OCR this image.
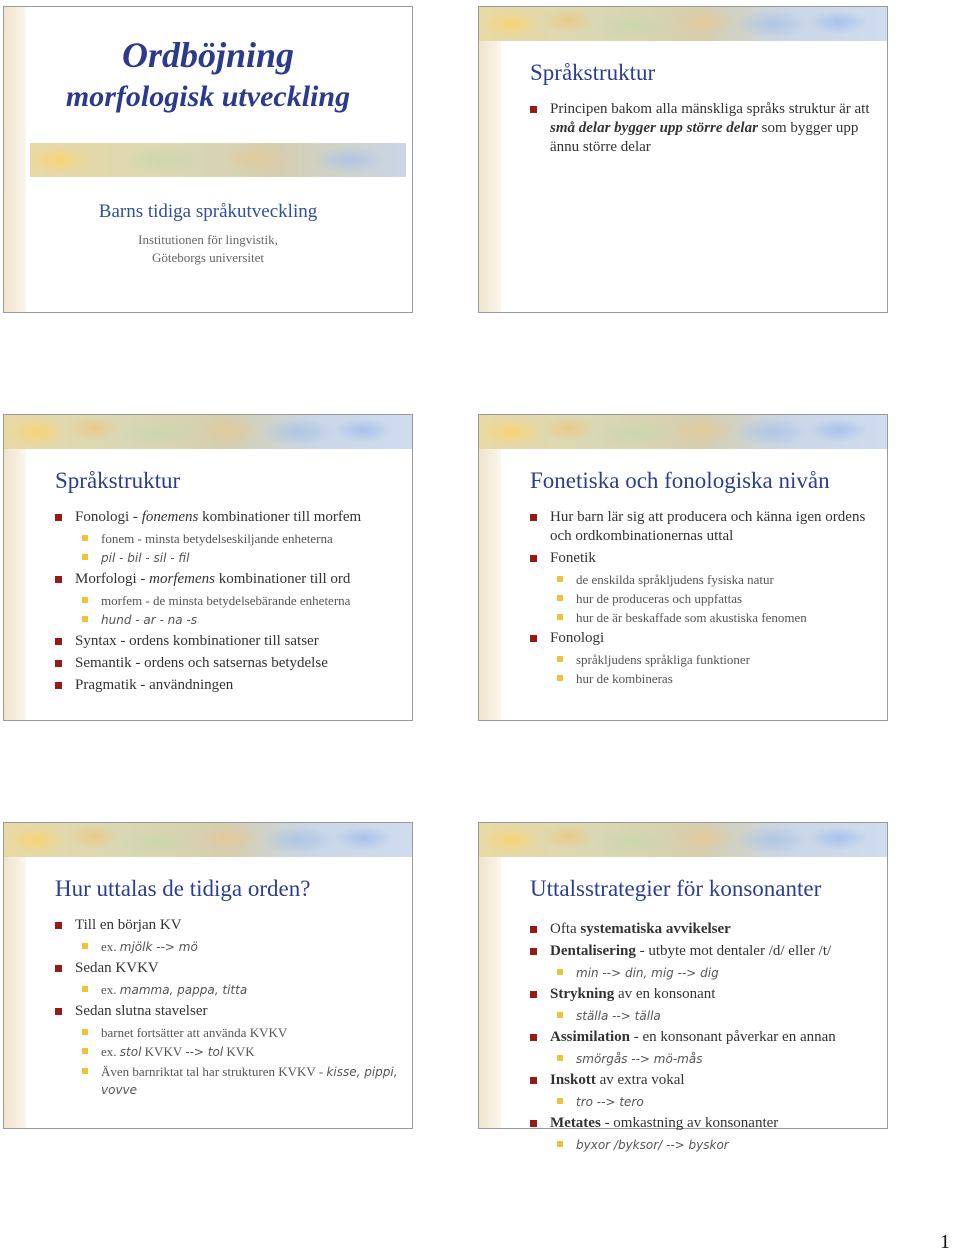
Ordböjning
morfologisk utveckling
Barns tidiga språkutveckling
Institutionen för lingvistik,
Göteborgs universitet
Språkstruktur
Principen bakom alla mänskliga språks struktur är att små delar bygger upp större delar som bygger upp ännu större delar
Språkstruktur
Fonologi - fonemens kombinationer till morfem
fonem - minsta betydelseskiljande enheterna
pil - bil - sil - fil
Morfologi - morfemens kombinationer till ord
morfem - de minsta betydelsebärande enheterna
hund - ar - na -s
Syntax - ordens kombinationer till satser
Semantik - ordens och satsernas betydelse
Pragmatik - användningen
Fonetiska och fonologiska nivån
Hur barn lär sig att producera och känna igen ordens och ordkombinationernas uttal
Fonetik
de enskilda språkljudens fysiska natur
hur de produceras och uppfattas
hur de är beskaffade som akustiska fenomen
Fonologi
språkljudens språkliga funktioner
hur de kombineras
Hur uttalas de tidiga orden?
Till en början KV
ex. mjölk --> mö
Sedan KVKV
ex. mamma, pappa, titta
Sedan slutna stavelser
barnet fortsätter att använda KVKV
ex. stol KVKV --> tol KVK
Även barnriktat tal har strukturen KVKV - kisse, pippi, vovve
Uttalsstrategier för konsonanter
Ofta systematiska avvikelser
Dentalisering - utbyte mot dentaler /d/ eller /t/
min --> din, mig --> dig
Strykning av en konsonant
ställa --> tälla
Assimilation - en konsonant påverkar en annan
smörgås --> mö-mås
Inskott av extra vokal
tro --> tero
Metates - omkastning av konsonanter
byxor /byksor/ --> byskor
1
